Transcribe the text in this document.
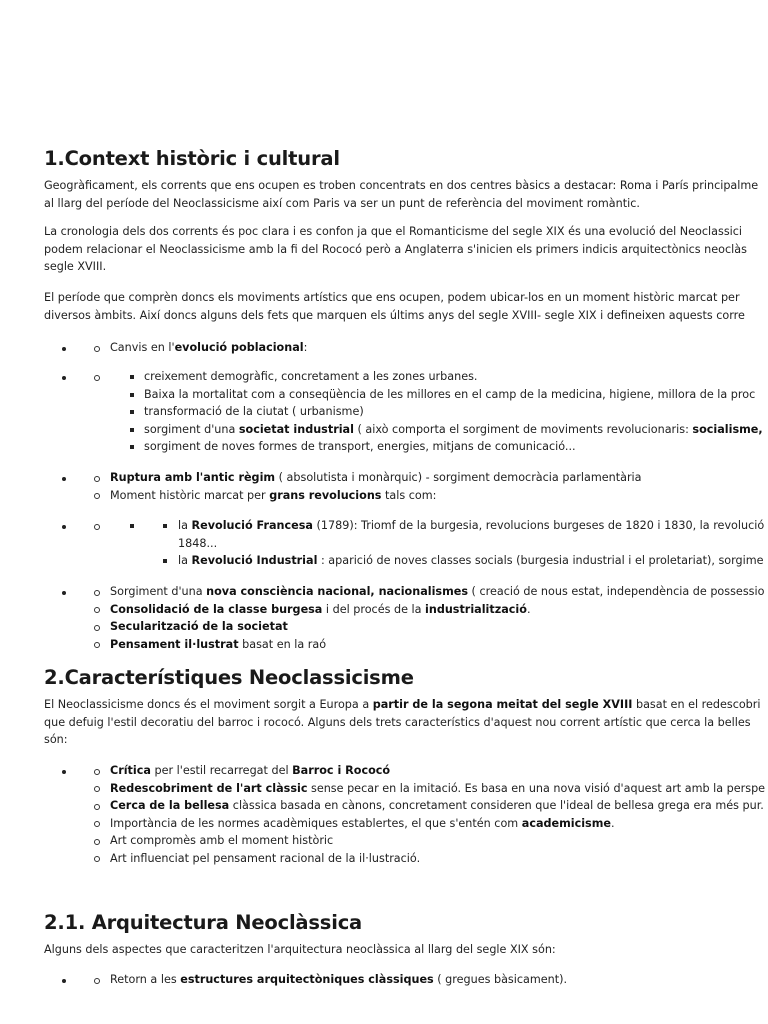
1.Context històric i cultural

Geogràficament, els corrents que ens ocupen es troben concentrats en dos centres bàsics a destacar: Roma i París principalme

al llarg del període del Neoclassicisme així com Paris va ser un punt de referència del moviment romàntic.

La cronologia dels dos corrents és poc clara i es confon ja que el Romanticisme del segle XIX és una evolució del Neoclassici

podem relacionar el Neoclassicisme amb la fi del Rococó però a Anglaterra s'inicien els primers indicis arquitectònics neoclàs

segle XVIII.

El període que comprèn doncs els moviments artístics que ens ocupen, podem ubicar-los en un moment històric marcat per

diversos àmbits. Així doncs alguns dels fets que marquen els últims anys del segle XVIII- segle XIX i defineixen aquests corre

Canvis en l'evolució poblacional:
creixement demogràfic, concretament a les zones urbanes.
Baixa la mortalitat com a conseqüència de les millores en el camp de la medicina, higiene, millora de la proc
transformació de la ciutat ( urbanisme)
sorgiment d'una societat industrial ( això comporta el sorgiment de moviments revolucionaris: socialisme,
sorgiment de noves formes de transport, energies, mitjans de comunicació...
Ruptura amb l'antic règim ( absolutista i monàrquic) - sorgiment democràcia parlamentària
Moment històric marcat per grans revolucions tals com:
la Revolució Francesa (1789): Triomf de la burgesia, revolucions burgeses de 1820 i 1830, la revolució
1848...
la Revolució Industrial : aparició de noves classes socials (burgesia industrial i el proletariat), sorgime
Sorgiment d'una nova consciència nacional, nacionalismes ( creació de nous estat, independència de possessio
Consolidació de la classe burgesa i del procés de la industrialització.
Secularització de la societat
Pensament il·lustrat basat en la raó
2.Característiques Neoclassicisme

El Neoclassicisme doncs és el moviment sorgit a Europa a partir de la segona meitat del segle XVIII basat en el redescobri

que defuig l'estil decoratiu del barroc i rococó. Alguns dels trets característics d'aquest nou corrent artístic que cerca la belles

són:

Crítica per l'estil recarregat del Barroc i Rococó
Redescobriment de l'art clàssic sense pecar en la imitació. Es basa en una nova visió d'aquest art amb la perspe
Cerca de la bellesa clàssica basada en cànons, concretament consideren que l'ideal de bellesa grega era més pur.
Importància de les normes acadèmiques establertes, el que s'entén com academicisme.
Art compromès amb el moment històric
Art influenciat pel pensament racional de la il·lustració.
2.1. Arquitectura Neoclàssica

Alguns dels aspectes que caracteritzen l'arquitectura neoclàssica al llarg del segle XIX són:

Retorn a les estructures arquitectòniques clàssiques ( gregues bàsicament).
